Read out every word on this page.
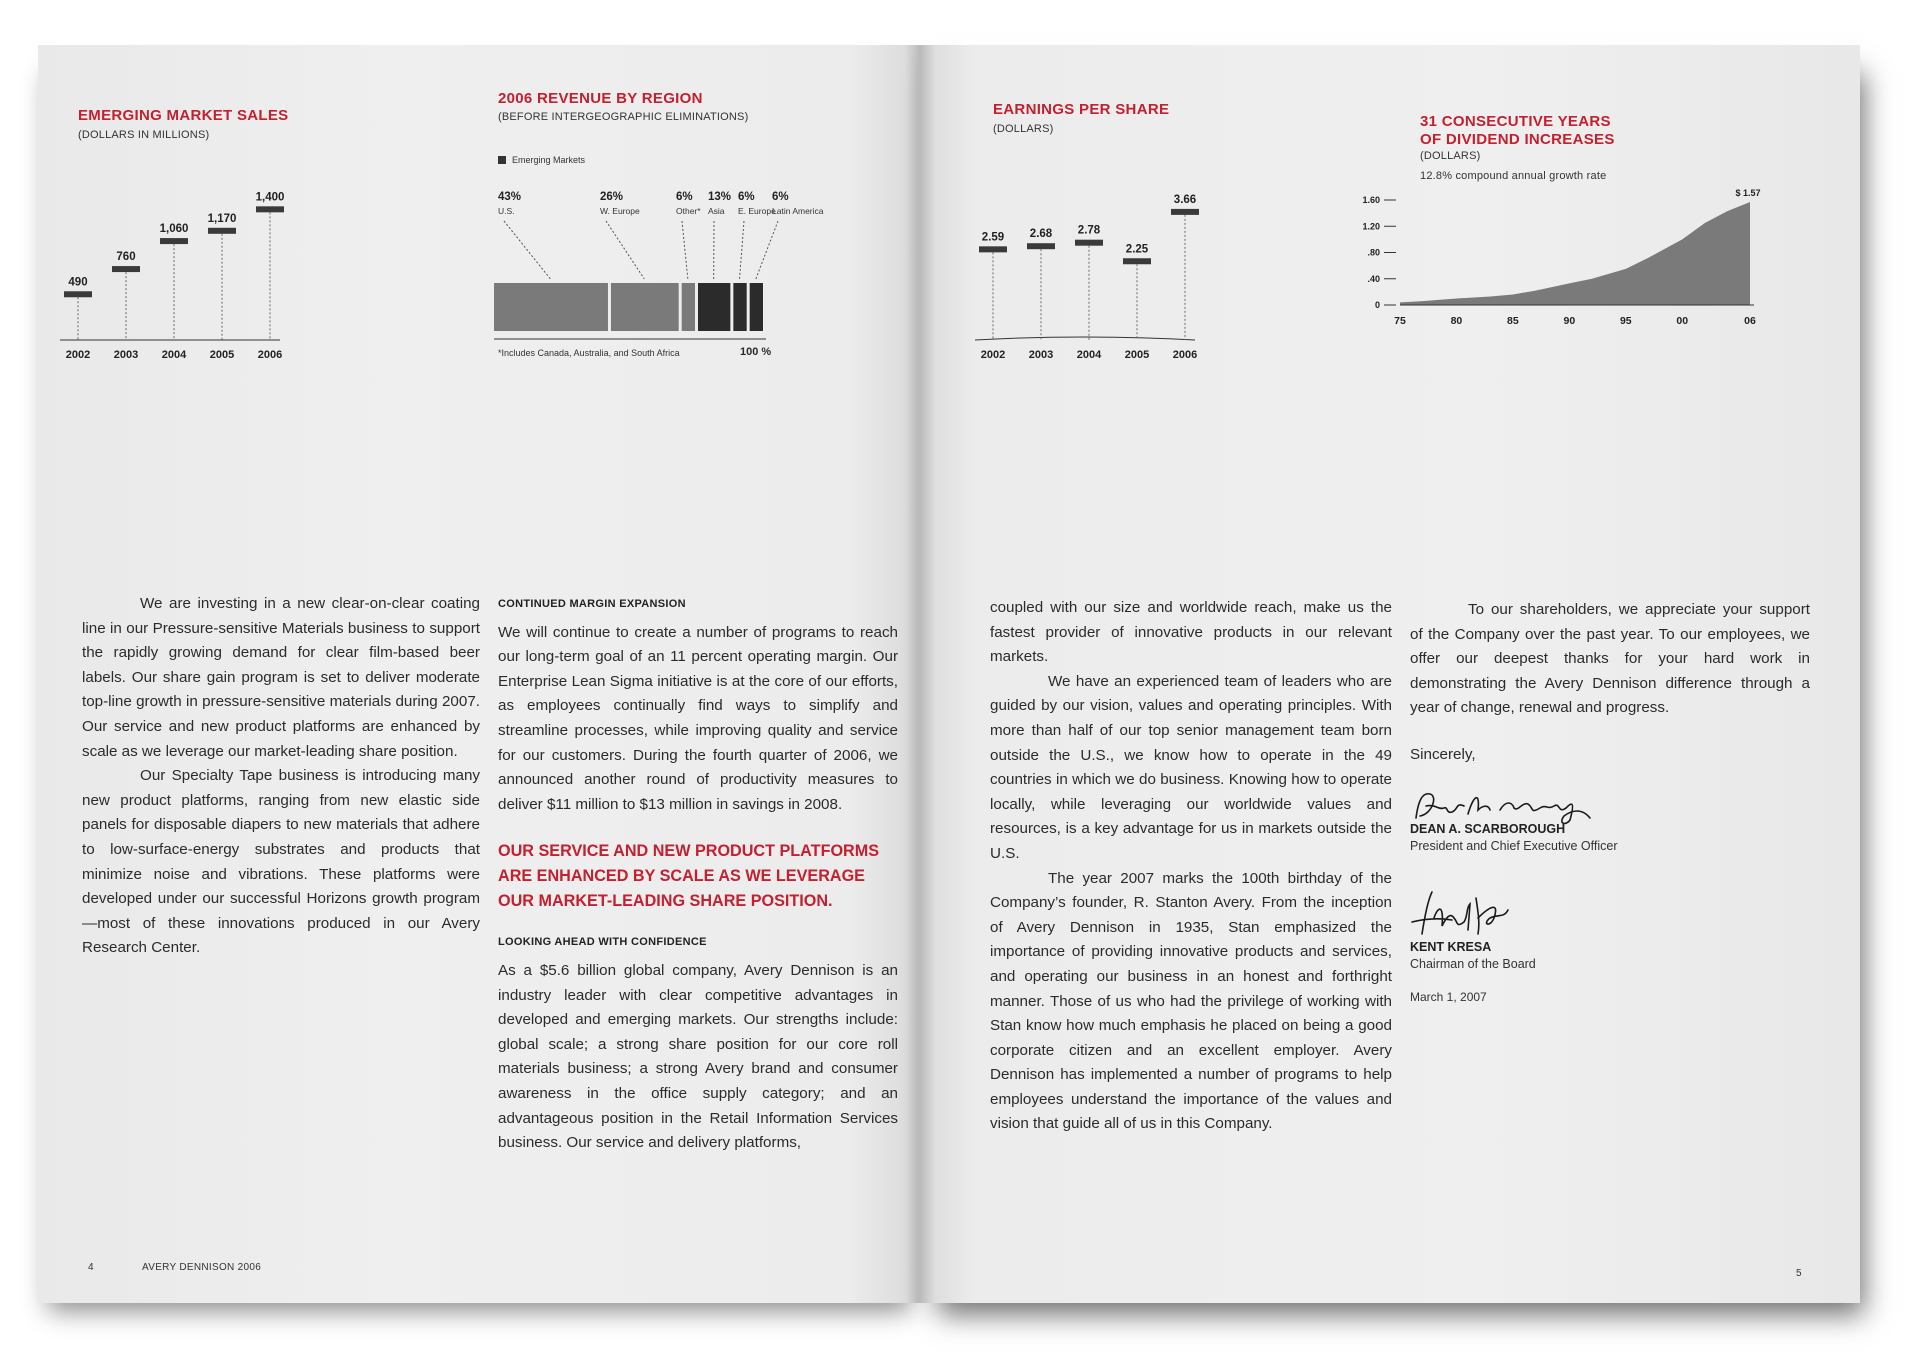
EMERGING MARKET SALES
(DOLLARS IN MILLIONS)
490
2002
760
2003
1,060
2004
1,170
2005
1,400
2006
2006 REVENUE BY REGION
(BEFORE INTERGEOGRAPHIC ELIMINATIONS)
Emerging Markets
43%
U.S.
26%
W. Europe
6%
Other*
13%
Asia
6%
E. Europe
6%
Latin America
*Includes Canada, Australia, and South Africa	100 %
EARNINGS PER SHARE
(DOLLARS)
2.59
2002
2.68
2003
2.78
2004
2.25
2005
3.66
2006
31 CONSECUTIVE YEARS
OF DIVIDEND INCREASES
(DOLLARS)
12.8% compound annual growth rate
0
.40
.80
1.20
1.60
$ 1.57
75	80	85	90	95	00	06

We are investing in a new clear-on-clear coating line in our Pressure-sensitive Materials business to support the rapidly growing demand for clear film-based beer labels. Our share gain program is set to deliver moderate top-line growth in pressure-sensitive materials during 2007. Our service and new product platforms are enhanced by scale as we leverage our market-leading share position.

Our Specialty Tape business is introducing many new product platforms, ranging from new elastic side panels for disposable diapers to new materials that adhere to low-surface-energy substrates and products that minimize noise and vibrations. These platforms were developed under our successful Horizons growth program—most of these innovations produced in our Avery Research Center.

CONTINUED MARGIN EXPANSION

We will continue to create a number of programs to reach our long-term goal of an 11 percent operating margin. Our Enterprise Lean Sigma initiative is at the core of our efforts, as employees continually find ways to simplify and streamline processes, while improving quality and service for our customers. During the fourth quarter of 2006, we announced another round of productivity measures to deliver $11 million to $13 million in savings in 2008.

OUR SERVICE AND NEW PRODUCT PLATFORMS ARE ENHANCED BY SCALE AS WE LEVERAGE OUR MARKET-LEADING SHARE POSITION.
LOOKING AHEAD WITH CONFIDENCE

As a $5.6 billion global company, Avery Dennison is an industry leader with clear competitive advantages in developed and emerging markets. Our strengths include: global scale; a strong share position for our core roll materials business; a strong Avery brand and consumer awareness in the office supply category; and an advantageous position in the Retail Information Services business. Our service and delivery platforms,

coupled with our size and worldwide reach, make us the fastest provider of innovative products in our relevant markets.

We have an experienced team of leaders who are guided by our vision, values and operating principles. With more than half of our top senior management team born outside the U.S., we know how to operate in the 49 countries in which we do business. Knowing how to operate locally, while leveraging our worldwide values and resources, is a key advantage for us in markets outside the U.S.

The year 2007 marks the 100th birthday of the Company’s founder, R. Stanton Avery. From the inception of Avery Dennison in 1935, Stan emphasized the importance of providing innovative products and services, and operating our business in an honest and forthright manner. Those of us who had the privilege of working with Stan know how much emphasis he placed on being a good corporate citizen and an excellent employer. Avery Dennison has implemented a number of programs to help employees understand the importance of the values and vision that guide all of us in this Company.

To our shareholders, we appreciate your support of the Company over the past year. To our employees, we offer our deepest thanks for your hard work in demonstrating the Avery Dennison difference through a year of change, renewal and progress.

Sincerely,

DEAN A. SCARBOROUGH
President and Chief Executive Officer
KENT KRESA
Chairman of the Board
March 1, 2007
4	AVERY DENNISON 2006
5
